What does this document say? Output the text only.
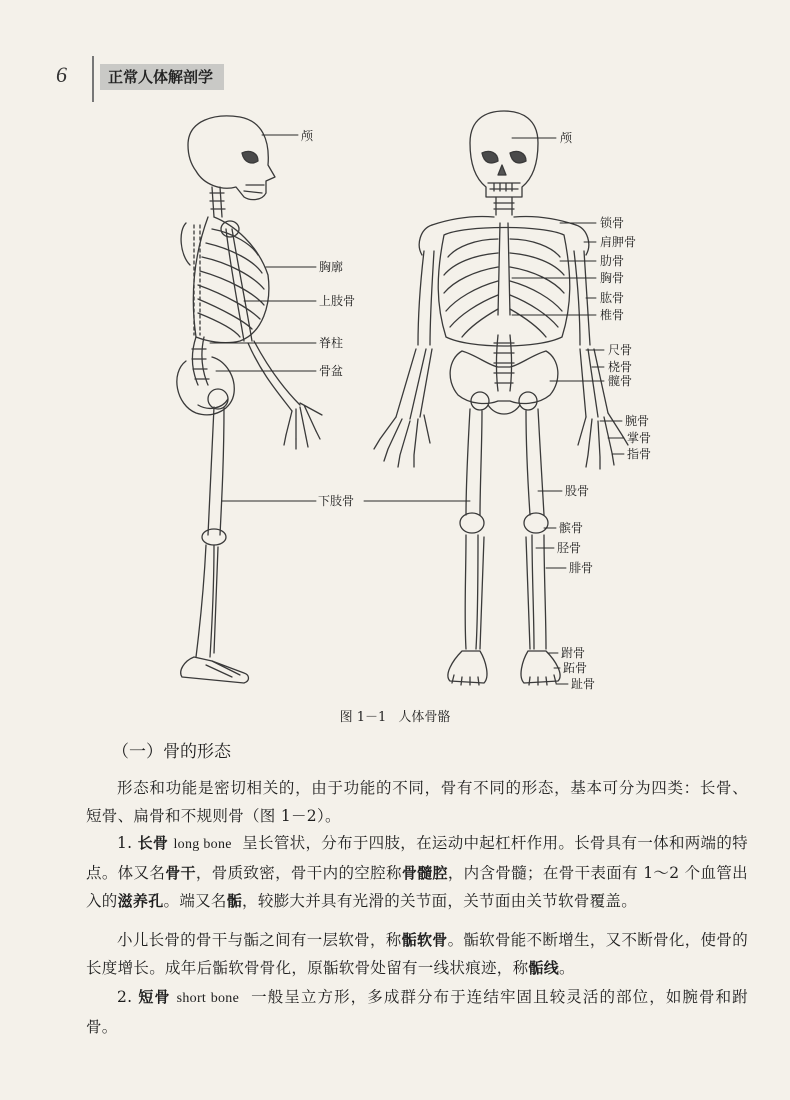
6	正常人体解剖学
颅
胸廓
上肢骨
脊柱
骨盆
下肢骨
颅
锁骨
肩胛骨
肋骨
胸骨
肱骨
椎骨
尺骨
桡骨
髋骨
腕骨
掌骨
指骨
股骨
髌骨
胫骨
腓骨
跗骨
跖骨
趾骨
图 1－1 人体骨骼
（一）骨的形态
形态和功能是密切相关的，由于功能的不同，骨有不同的形态，基本可分为四类：长骨、短骨、扁骨和不规则骨（图 1－2）。
1. 长骨 long bone 呈长管状，分布于四肢，在运动中起杠杆作用。长骨具有一体和两端的特点。体又名骨干，骨质致密，骨干内的空腔称骨髓腔，内含骨髓；在骨干表面有 1～2 个血管出入的滋养孔。端又名骺，较膨大并具有光滑的关节面，关节面由关节软骨覆盖。
小儿长骨的骨干与骺之间有一层软骨，称骺软骨。骺软骨能不断增生，又不断骨化，使骨的长度增长。成年后骺软骨骨化，原骺软骨处留有一线状痕迹，称骺线。
2. 短骨 short bone 一般呈立方形，多成群分布于连结牢固且较灵活的部位，如腕骨和跗骨。
